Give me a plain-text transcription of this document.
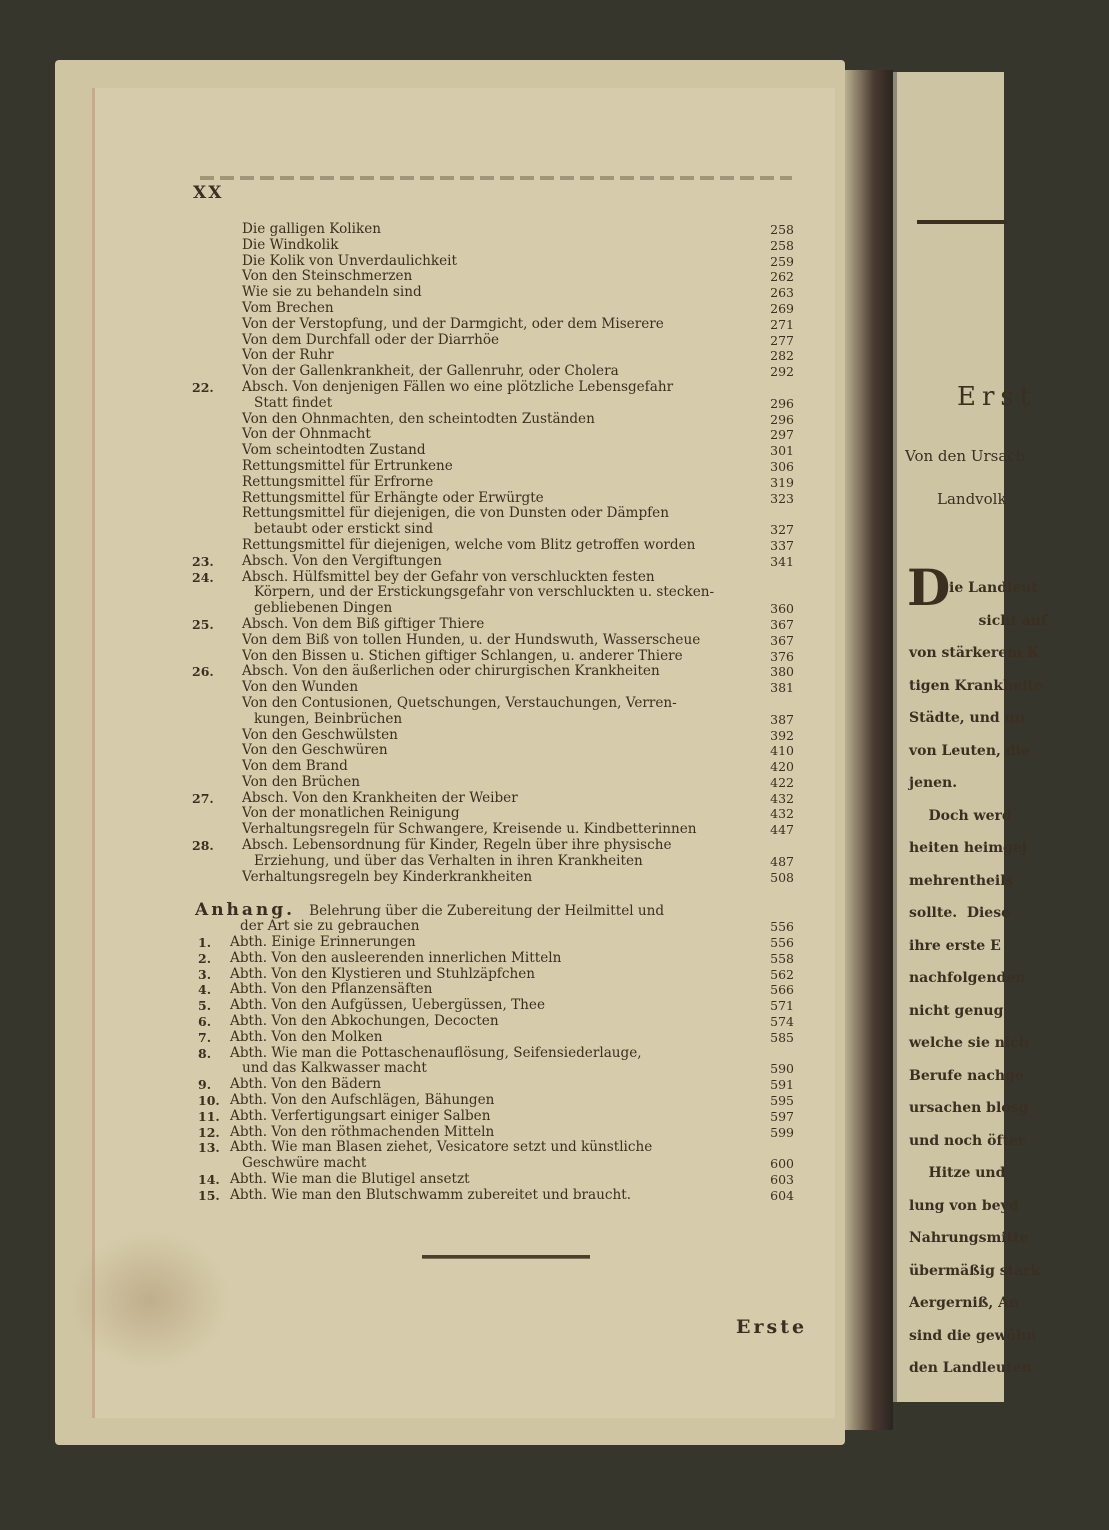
XX
Die galligen Koliken	258
Die Windkolik	258
Die Kolik von Unverdaulichkeit	259
Von den Steinschmerzen	262
Wie sie zu behandeln sind	263
Vom Brechen	269
Von der Verstopfung, und der Darmgicht, oder dem Miserere	271
Von dem Durchfall oder der Diarrhöe	277
Von der Ruhr	282
Von der Gallenkrankheit, der Gallenruhr, oder Cholera	292
22. Absch. Von denjenigen Fällen wo eine plötzliche Lebensgefahr
Statt findet	296
Von den Ohnmachten, den scheintodten Zuständen	296
Von der Ohnmacht	297
Vom scheintodten Zustand	301
Rettungsmittel für Ertrunkene	306
Rettungsmittel für Erfrorne	319
Rettungsmittel für Erhängte oder Erwürgte	323
Rettungsmittel für diejenigen, die von Dunsten oder Dämpfen
betaubt oder erstickt sind	327
Rettungsmittel für diejenigen, welche vom Blitz getroffen worden	337
23. Absch. Von den Vergiftungen	341
24. Absch. Hülfsmittel bey der Gefahr von verschluckten festen
Körpern, und der Erstickungsgefahr von verschluckten u. stecken-
gebliebenen Dingen	360
25. Absch. Von dem Biß giftiger Thiere	367
Von dem Biß von tollen Hunden, u. der Hundswuth, Wasserscheue	367
Von den Bissen u. Stichen giftiger Schlangen, u. anderer Thiere	376
26. Absch. Von den äußerlichen oder chirurgischen Krankheiten	380
Von den Wunden	381
Von den Contusionen, Quetschungen, Verstauchungen, Verren-
kungen, Beinbrüchen	387
Von den Geschwülsten	392
Von den Geschwüren	410
Von dem Brand	420
Von den Brüchen	422
27. Absch. Von den Krankheiten der Weiber	432
Von der monatlichen Reinigung	432
Verhaltungsregeln für Schwangere, Kreisende u. Kindbetterinnen	447
28. Absch. Lebensordnung für Kinder, Regeln über ihre physische
Erziehung, und über das Verhalten in ihren Krankheiten	487
Verhaltungsregeln bey Kinderkrankheiten	508
Anhang. Belehrung über die Zubereitung der Heilmittel und
der Art sie zu gebrauchen	556
1. Abth. Einige Erinnerungen	556
2. Abth. Von den ausleerenden innerlichen Mitteln	558
3. Abth. Von den Klystieren und Stuhlzäpfchen	562
4. Abth. Von den Pflanzensäften	566
5. Abth. Von den Aufgüssen, Uebergüssen, Thee	571
6. Abth. Von den Abkochungen, Decocten	574
7. Abth. Von den Molken	585
8. Abth. Wie man die Pottaschenauflösung, Seifensiederlauge,
und das Kalkwasser macht	590
9. Abth. Von den Bädern	591
10. Abth. Von den Aufschlägen, Bähungen	595
11. Abth. Verfertigungsart einiger Salben	597
12. Abth. Von den röthmachenden Mitteln	599
13. Abth. Wie man Blasen ziehet, Vesicatore setzt und künstliche
Geschwüre macht	600
14. Abth. Wie man die Blutigel ansetzt	603
15. Abth. Wie man den Blutschwamm zubereitet und braucht.	604
Erste
Erst
Von den Ursach
Landvolk
D
ie Landleut
sicht auf
von stärkerem K
tigen Krankheite
Städte, und un
von Leuten, die
jenen.
Doch werd
heiten heimgej
mehrentheils
sollte.  Diese
ihre erste E
nachfolgenden
nicht genug
welche sie nich
Berufe nachge
ursachen blosg
und noch öfter
Hitze und
lung von beyd
Nahrungsmitte
übermäßig stark
Aergerniß, An
sind die gewöhn
den Landleuten
